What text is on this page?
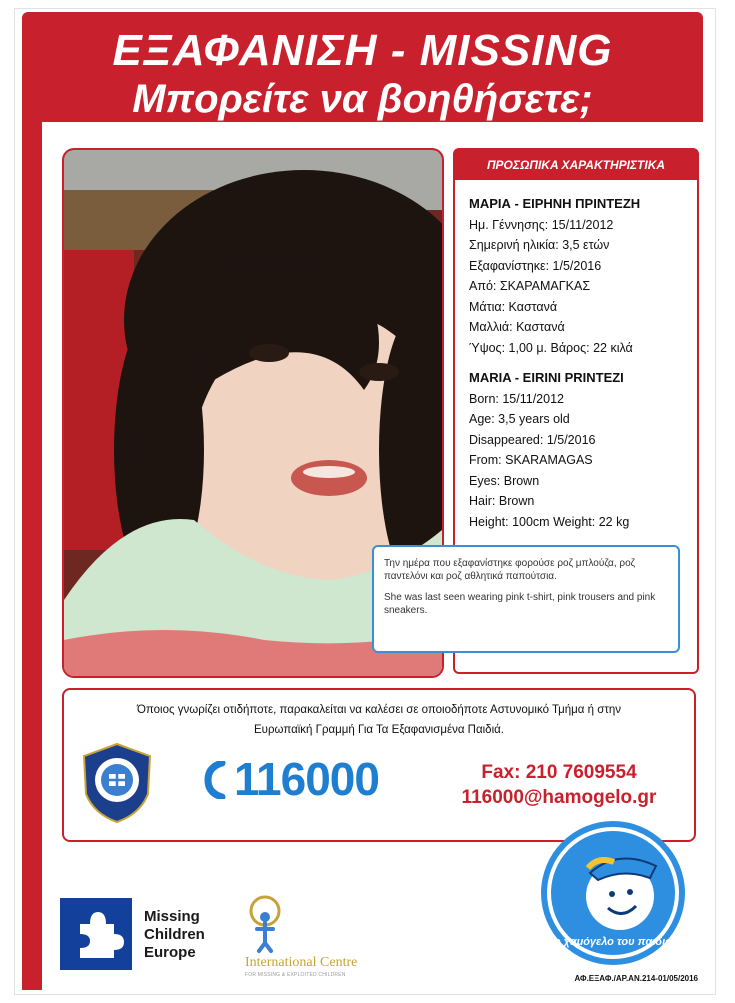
ΕΞΑΦΑΝΙΣΗ - MISSING
Μπορείτε να βοηθήσετε;
ΠΡΟΣΩΠΙΚΑ ΧΑΡΑΚΤΗΡΙΣΤΙΚΑ
ΜΑΡΙΑ - ΕΙΡΗΝΗ ΠΡΙΝΤΕΖΗ
Ημ. Γέννησης: 15/11/2012
Σημερινή ηλικία: 3,5 ετών
Εξαφανίστηκε: 1/5/2016
Από: ΣΚΑΡΑΜΑΓΚΑΣ
Μάτια: Καστανά
Μαλλιά: Καστανά
Ύψος: 1,00 μ. Βάρος: 22 κιλά
MARIA - EIRINI PRINTEZI
Born: 15/11/2012
Age: 3,5 years old
Disappeared: 1/5/2016
From: SKARAMAGAS
Eyes: Brown
Hair: Brown
Height: 100cm Weight: 22 kg

Την ημέρα που εξαφανίστηκε φορούσε ροζ μπλούζα, ροζ παντελόνι και ροζ αθλητικά παπούτσια.

She was last seen wearing pink t-shirt, pink trousers and pink sneakers.

Όποιος γνωρίζει οτιδήποτε, παρακαλείται να καλέσει σε οποιοδήποτε Αστυνομικό Τμήμα ή στην
Ευρωπαϊκή Γραμμή Για Τα Εξαφανισμένα Παιδιά.
116000	Fax: 210 7609554
116000@hamogelo.gr
Missing
Children
Europe
International Centre
FOR MISSING & EXPLOITED CHILDREN
Το χαμόγελο του παιδιού
ΑΦ.ΕΞΑΦ./ΑΡ.ΑΝ.214-01/05/2016
